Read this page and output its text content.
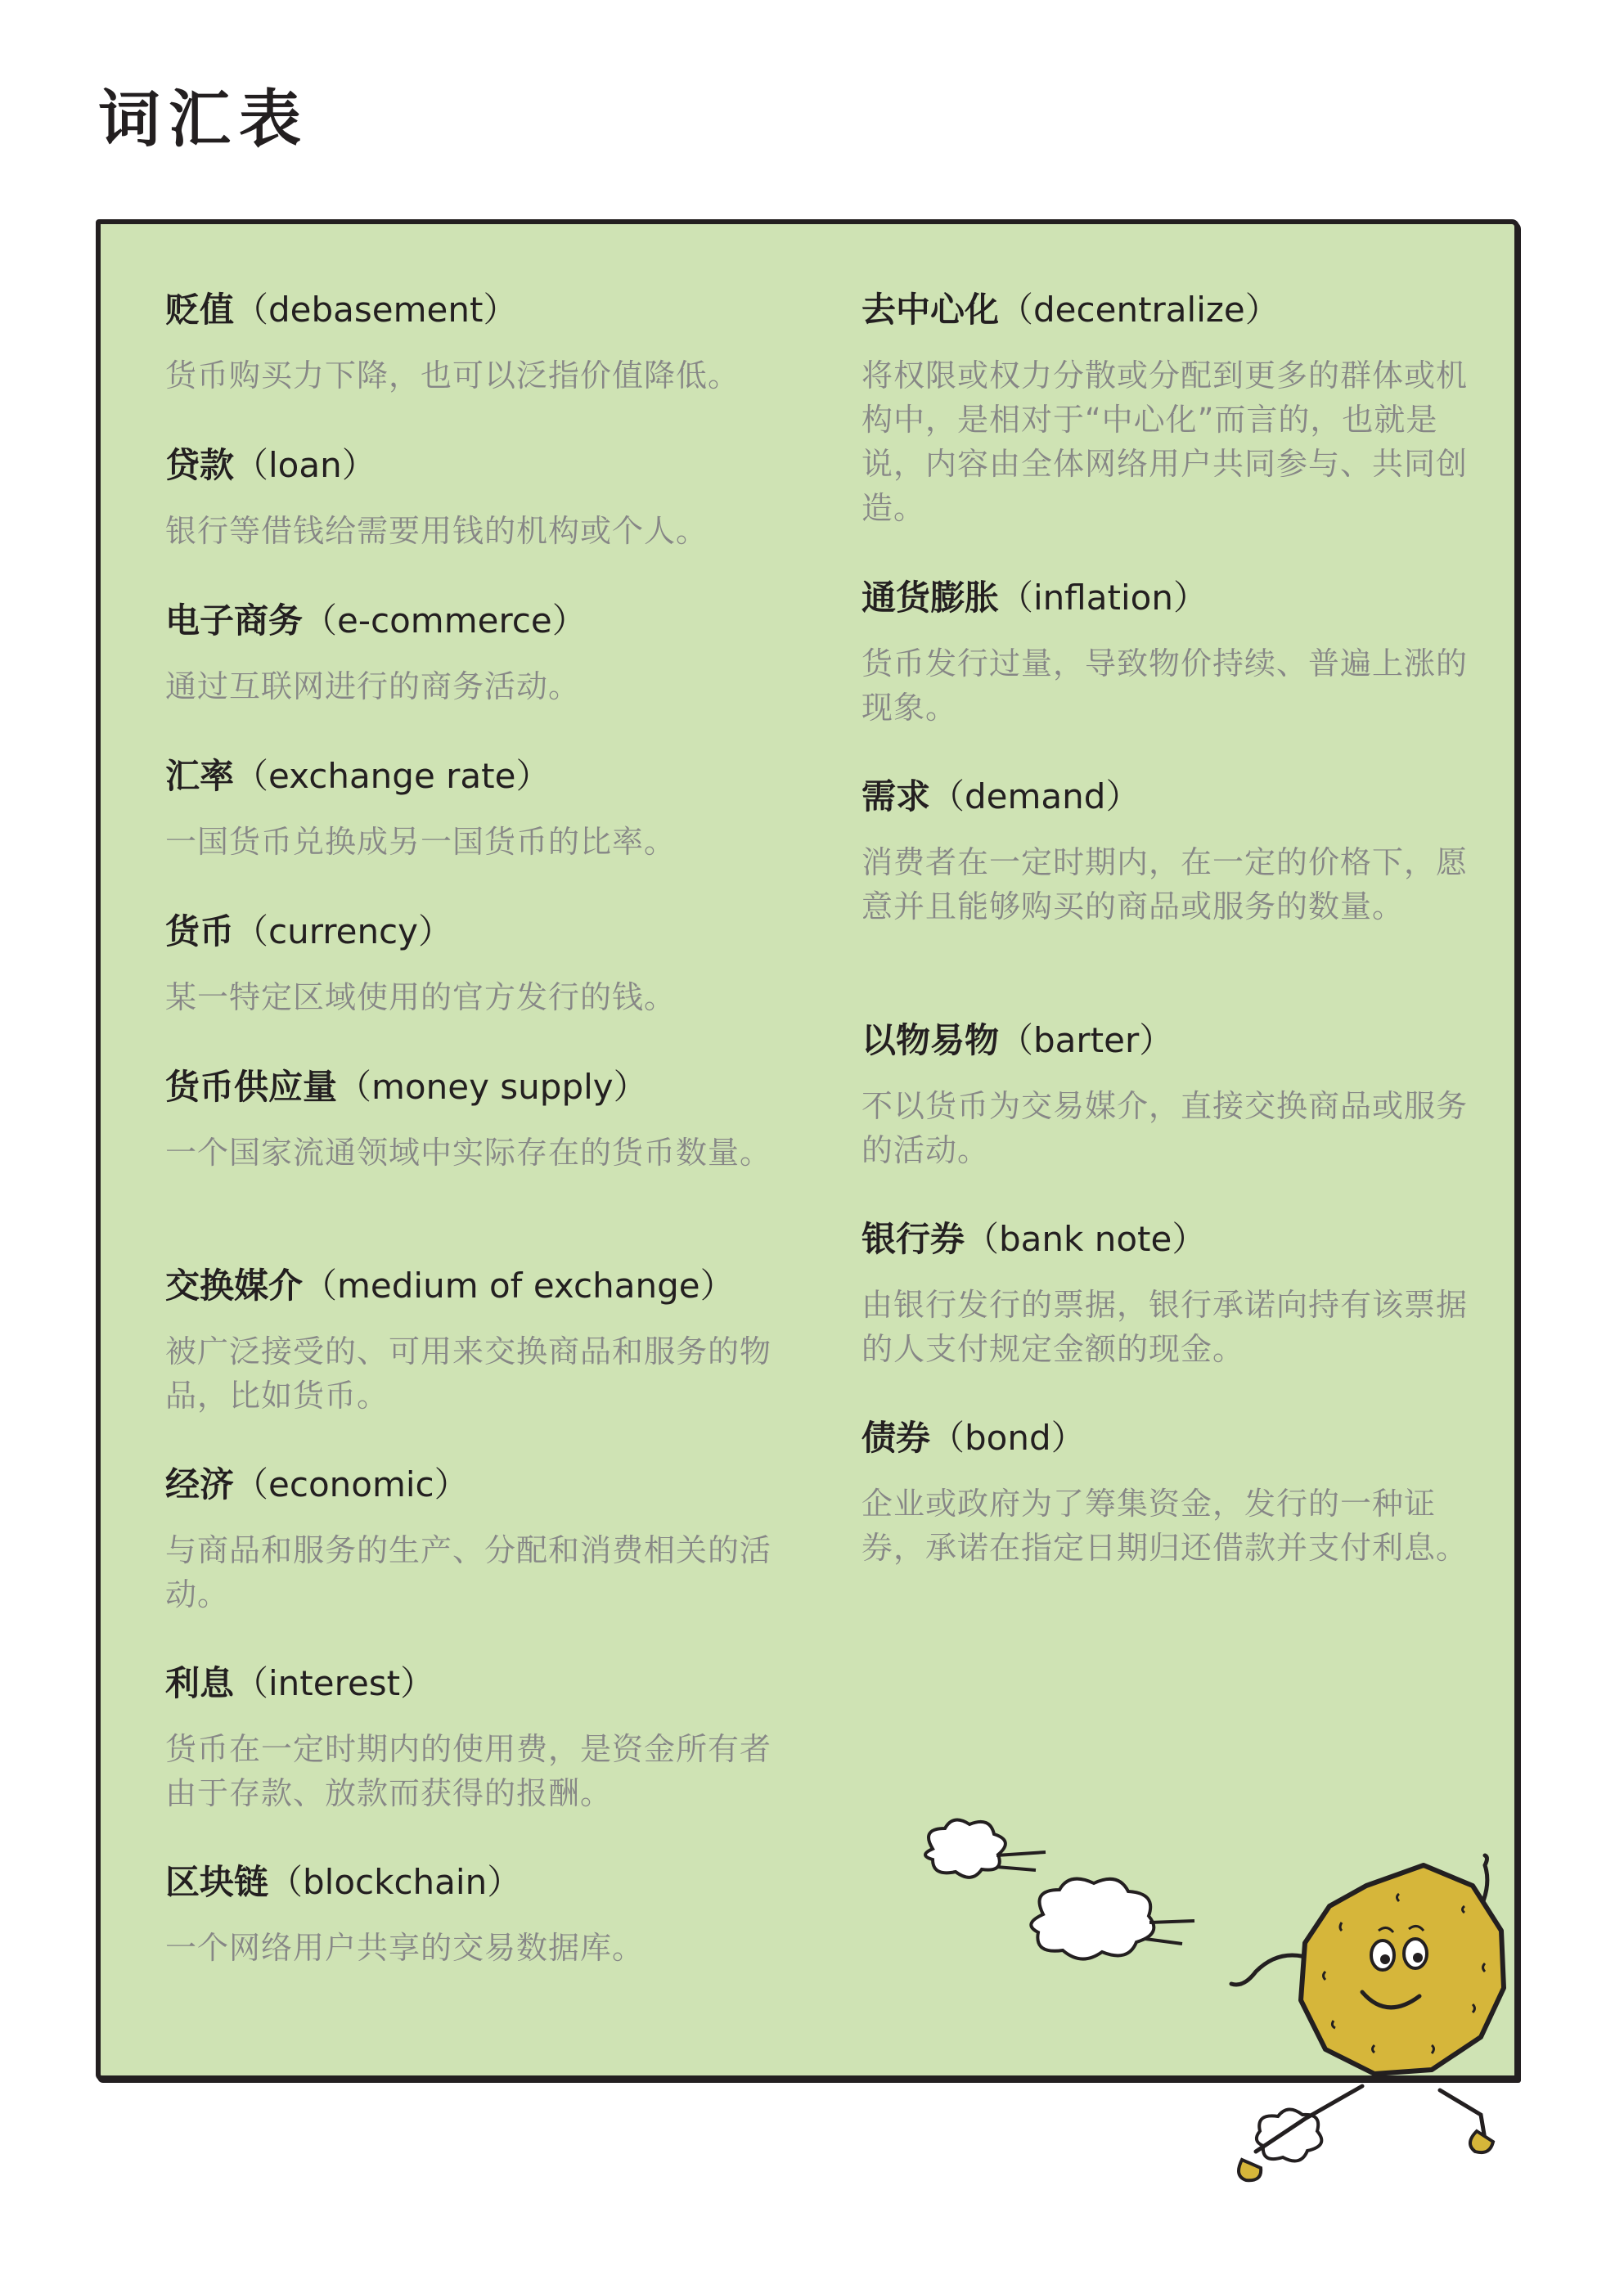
词汇表
贬值（debasement）
货币购买力下降，也可以泛指价值降低。
贷款（loan）
银行等借钱给需要用钱的机构或个人。
电子商务（e-commerce）
通过互联网进行的商务活动。
汇率（exchange rate）
一国货币兑换成另一国货币的比率。
货币（currency）
某一特定区域使用的官方发行的钱。
货币供应量（money supply）
一个国家流通领域中实际存在的货币数量。
交换媒介（medium of exchange）
被广泛接受的、可用来交换商品和服务的物品，比如货币。
经济（economic）
与商品和服务的生产、分配和消费相关的活动。
利息（interest）
货币在一定时期内的使用费，是资金所有者由于存款、放款而获得的报酬。
区块链（blockchain）
一个网络用户共享的交易数据库。
去中心化（decentralize）
将权限或权力分散或分配到更多的群体或机构中，是相对于“中心化”而言的，也就是说，内容由全体网络用户共同参与、共同创造。
通货膨胀（inflation）
货币发行过量，导致物价持续、普遍上涨的现象。
需求（demand）
消费者在一定时期内，在一定的价格下，愿意并且能够购买的商品或服务的数量。
以物易物（barter）
不以货币为交易媒介，直接交换商品或服务的活动。
银行券（bank note）
由银行发行的票据，银行承诺向持有该票据的人支付规定金额的现金。
债券（bond）
企业或政府为了筹集资金，发行的一种证券，承诺在指定日期归还借款并支付利息。
